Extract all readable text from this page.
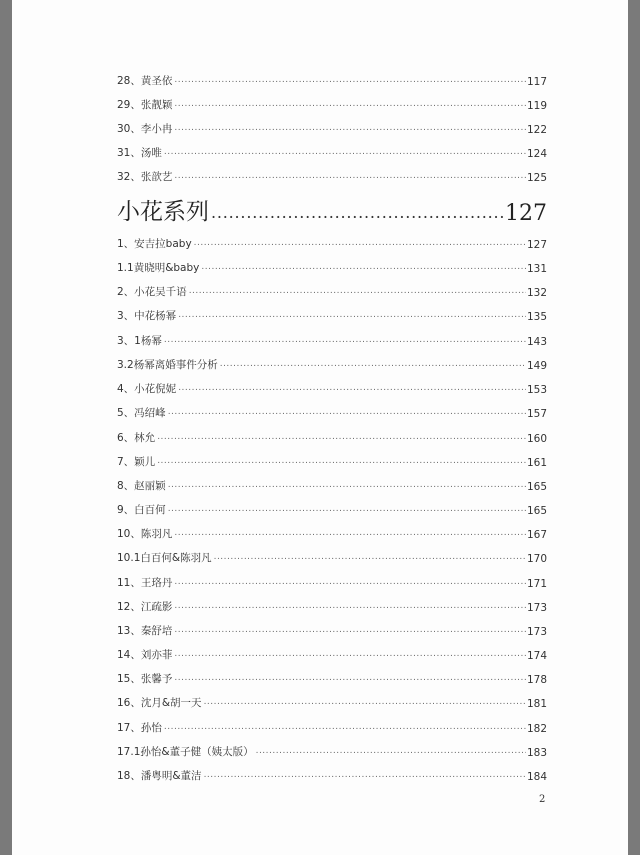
28、黄圣依 .....	117
29、张靓颖 .....	119
30、李小冉 .....	122
31、汤唯 .....	124
32、张歆艺 .....	125
小花系列 .....	127
1、安吉拉baby .....	127
1.1黄晓明&baby .....	131
2、小花吴千语 .....	132
3、中花杨幂 .....	135
3、1杨幂 .....	143
3.2杨幂离婚事件分析 .....	149
4、小花倪妮 .....	153
5、冯绍峰 .....	157
6、林允 .....	160
7、颖儿 .....	161
8、赵丽颖 .....	165
9、白百何 .....	165
10、陈羽凡 .....	167
10.1白百何&陈羽凡 .....	170
11、王珞丹 .....	171
12、江疏影 .....	173
13、秦舒培 .....	173
14、刘亦菲 .....	174
15、张馨予 .....	178
16、沈月&胡一天 .....	181
17、孙怡 .....	182
17.1孙怡&董子健（姨太版） .....	183
18、潘粤明&董洁 .....	184
2
